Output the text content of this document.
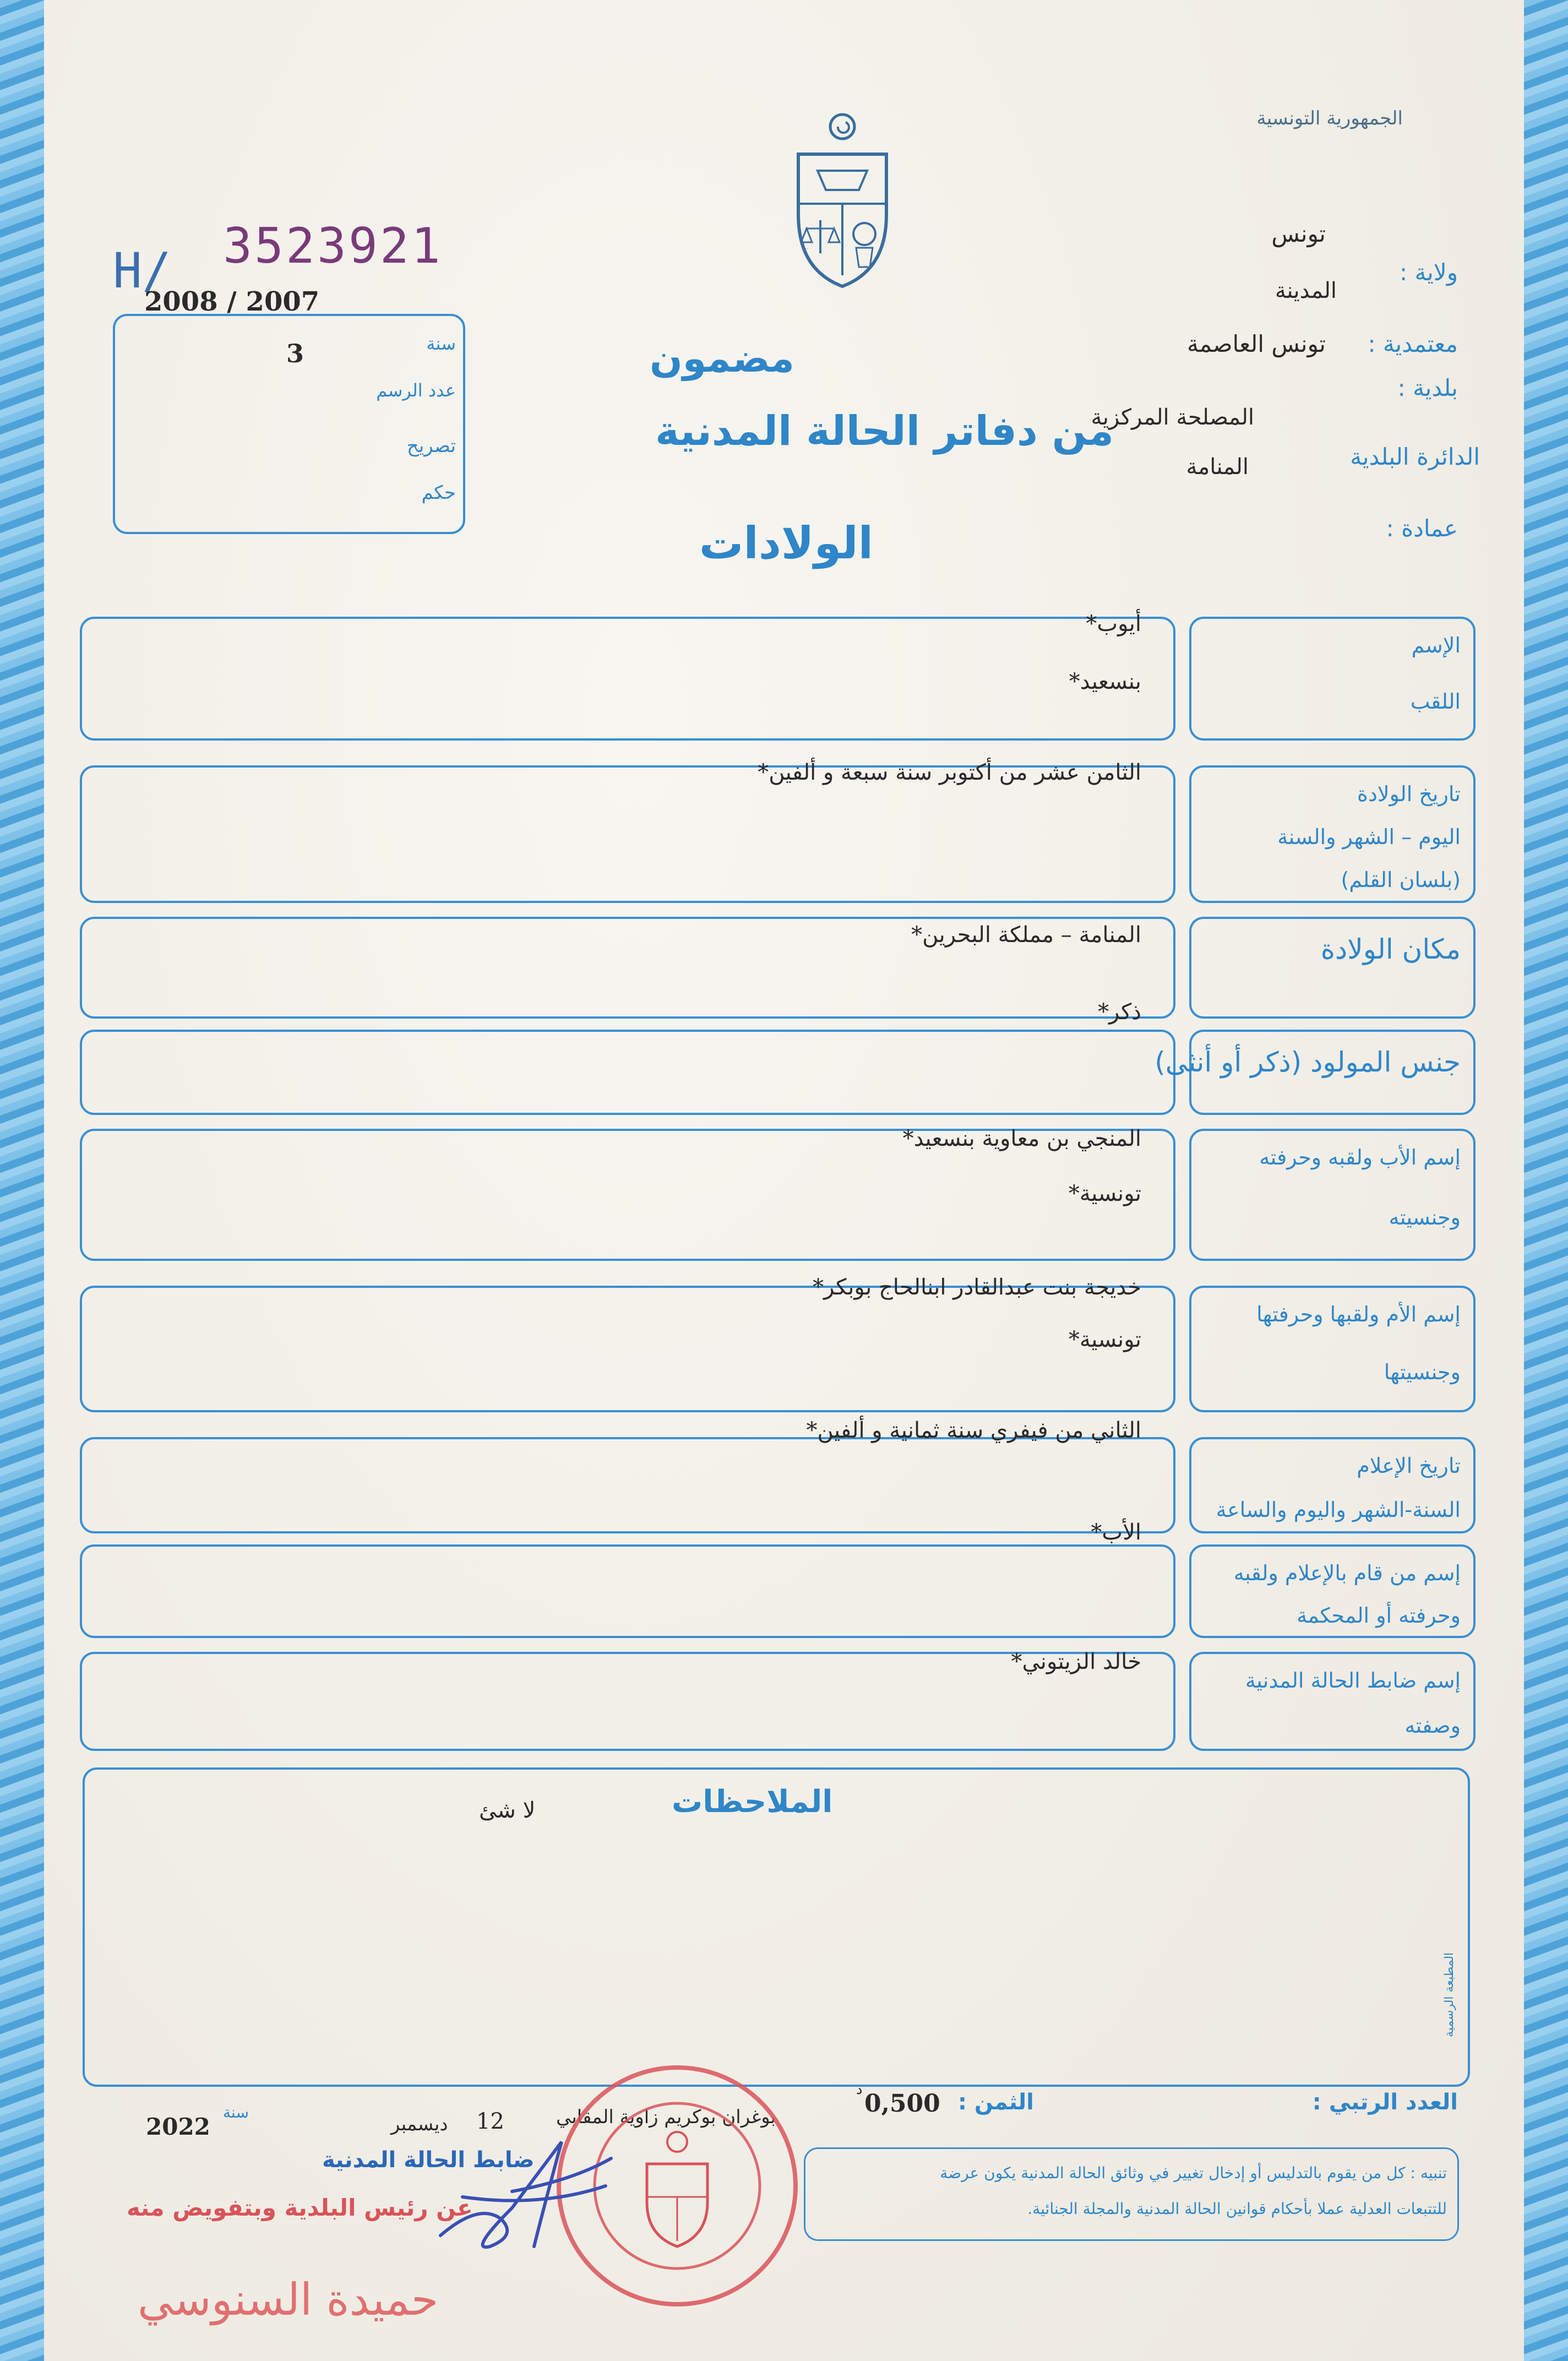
الجمهورية التونسية
H/ 3523921
2008 / 2007
سنة
3
عدد الرسم
تصريح
حكم
مضمون
من دفاتر الحالة المدنية
الولادات
ولاية :
تونس
المدينة
معتمدية :
تونس العاصمة
بلدية :
المصلحة المركزية
الدائرة البلدية
المنامة
عمادة :
الإسم
اللقب
أيوب*
بنسعيد*
تاريخ الولادة
اليوم – الشهر والسنة
(بلسان القلم)
الثامن عشر من أكتوبر سنة سبعة و ألفين*
مكان الولادة
المنامة – مملكة البحرين*
جنس المولود (ذكر أو أنثى)
ذكر*
إسم الأب ولقبه وحرفته
وجنسيته
المنجي بن معاوية بنسعيد*
تونسية*
إسم الأم ولقبها وحرفتها
وجنسيتها
خديجة بنت عبدالقادر ابنالحاج بوبكر*
تونسية*
تاريخ الإعلام
السنة-الشهر واليوم والساعة
الثاني من فيفري سنة ثمانية و ألفين*
إسم من قام بالإعلام ولقبه
وحرفته أو المحكمة
الأب*
إسم ضابط الحالة المدنية
وصفته
خالد الزيتوني*
الملاحظات
لا شئ
المطبعة الرسمية
العدد الرتبي :
الثمن :
0,500
د
بوغران بوكريم زاوية المقابي
12
ديسمبر
سنة
2022
ضابط الحالة المدنية
عن رئيس البلدية وبتفويض منه
حميدة السنوسي
تنبيه : كل من يقوم بالتدليس أو إدخال تغيير في وثائق الحالة المدنية يكون عرضة
للتتبعات العدلية عملا بأحكام قوانين الحالة المدنية والمجلة الجنائية.
